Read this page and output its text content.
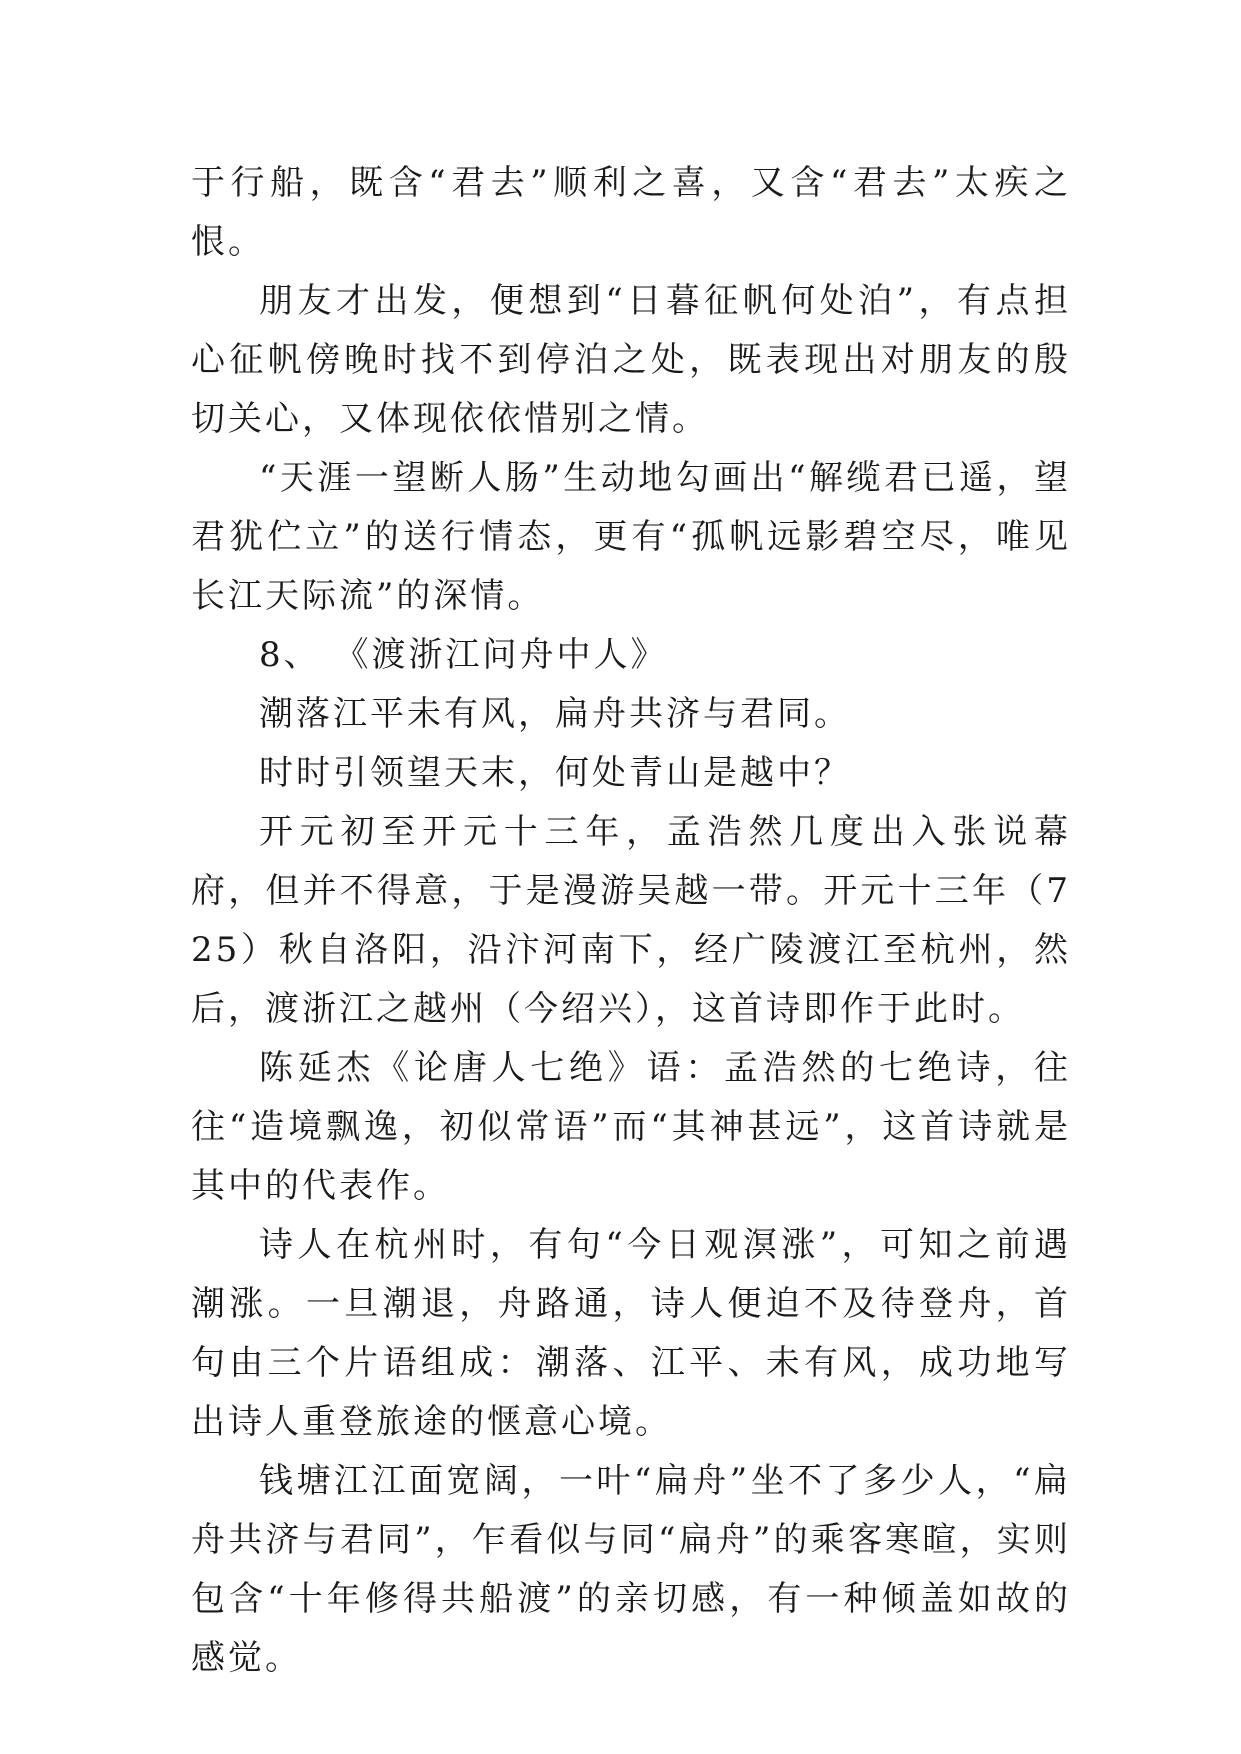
于行船，既含“君去”顺利之喜，又含“君去”太疾之恨。

朋友才出发，便想到“日暮征帆何处泊”，有点担心征帆傍晚时找不到停泊之处，既表现出对朋友的殷切关心，又体现依依惜别之情。

“天涯一望断人肠”生动地勾画出“解缆君已遥，望君犹伫立”的送行情态，更有“孤帆远影碧空尽，唯见长江天际流”的深情。

8、 《渡浙江问舟中人》

潮落江平未有风，扁舟共济与君同。

时时引领望天末，何处青山是越中？

开元初至开元十三年，孟浩然几度出入张说幕府，但并不得意，于是漫游吴越一带。开元十三年（725）秋自洛阳，沿汴河南下，经广陵渡江至杭州，然后，渡浙江之越州（今绍兴），这首诗即作于此时。

陈延杰《论唐人七绝》语：孟浩然的七绝诗，往往“造境飘逸，初似常语”而“其神甚远”，这首诗就是其中的代表作。

诗人在杭州时，有句“今日观溟涨”，可知之前遇潮涨。一旦潮退，舟路通，诗人便迫不及待登舟，首句由三个片语组成：潮落、江平、未有风，成功地写出诗人重登旅途的惬意心境。

钱塘江江面宽阔，一叶“扁舟”坐不了多少人，“扁舟共济与君同”，乍看似与同“扁舟”的乘客寒暄，实则包含“十年修得共船渡”的亲切感，有一种倾盖如故的感觉。
